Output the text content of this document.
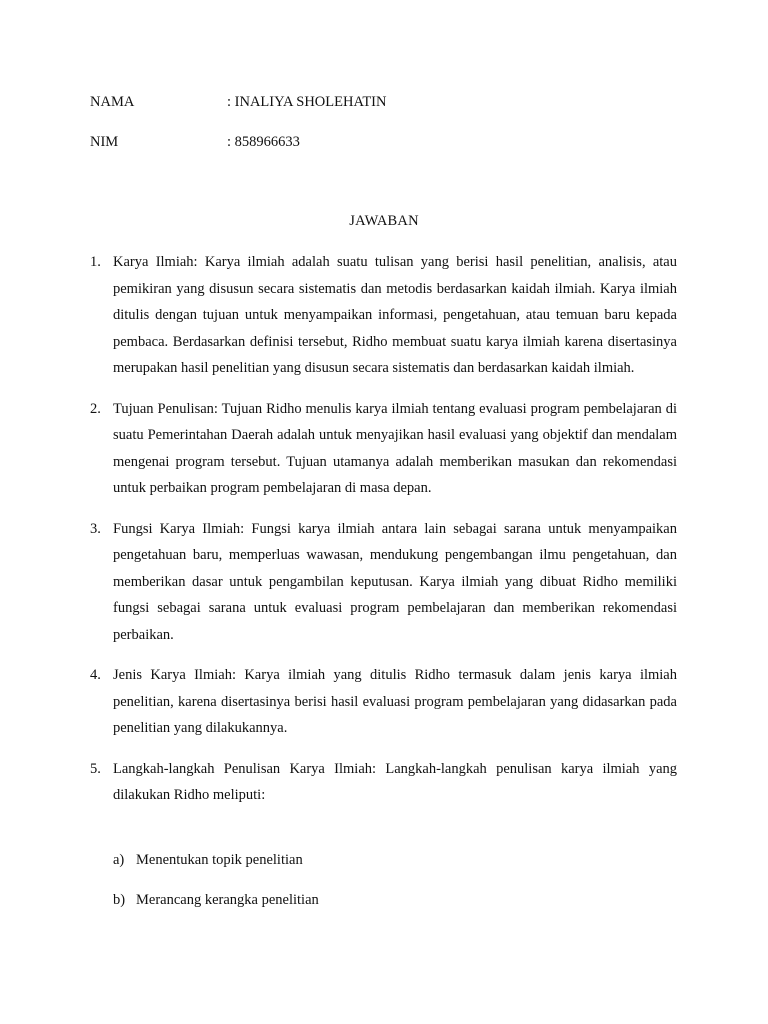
NAMA	: INALIYA SHOLEHATIN
NIM	: 858966633
JAWABAN
1. Karya Ilmiah: Karya ilmiah adalah suatu tulisan yang berisi hasil penelitian, analisis, atau pemikiran yang disusun secara sistematis dan metodis berdasarkan kaidah ilmiah. Karya ilmiah ditulis dengan tujuan untuk menyampaikan informasi, pengetahuan, atau temuan baru kepada pembaca. Berdasarkan definisi tersebut, Ridho membuat suatu karya ilmiah karena disertasinya merupakan hasil penelitian yang disusun secara sistematis dan berdasarkan kaidah ilmiah.
2. Tujuan Penulisan: Tujuan Ridho menulis karya ilmiah tentang evaluasi program pembelajaran di suatu Pemerintahan Daerah adalah untuk menyajikan hasil evaluasi yang objektif dan mendalam mengenai program tersebut. Tujuan utamanya adalah memberikan masukan dan rekomendasi untuk perbaikan program pembelajaran di masa depan.
3. Fungsi Karya Ilmiah: Fungsi karya ilmiah antara lain sebagai sarana untuk menyampaikan pengetahuan baru, memperluas wawasan, mendukung pengembangan ilmu pengetahuan, dan memberikan dasar untuk pengambilan keputusan. Karya ilmiah yang dibuat Ridho memiliki fungsi sebagai sarana untuk evaluasi program pembelajaran dan memberikan rekomendasi perbaikan.
4. Jenis Karya Ilmiah: Karya ilmiah yang ditulis Ridho termasuk dalam jenis karya ilmiah penelitian, karena disertasinya berisi hasil evaluasi program pembelajaran yang didasarkan pada penelitian yang dilakukannya.
5. Langkah-langkah Penulisan Karya Ilmiah: Langkah-langkah penulisan karya ilmiah yang dilakukan Ridho meliputi:
a) Menentukan topik penelitian
b) Merancang kerangka penelitian
